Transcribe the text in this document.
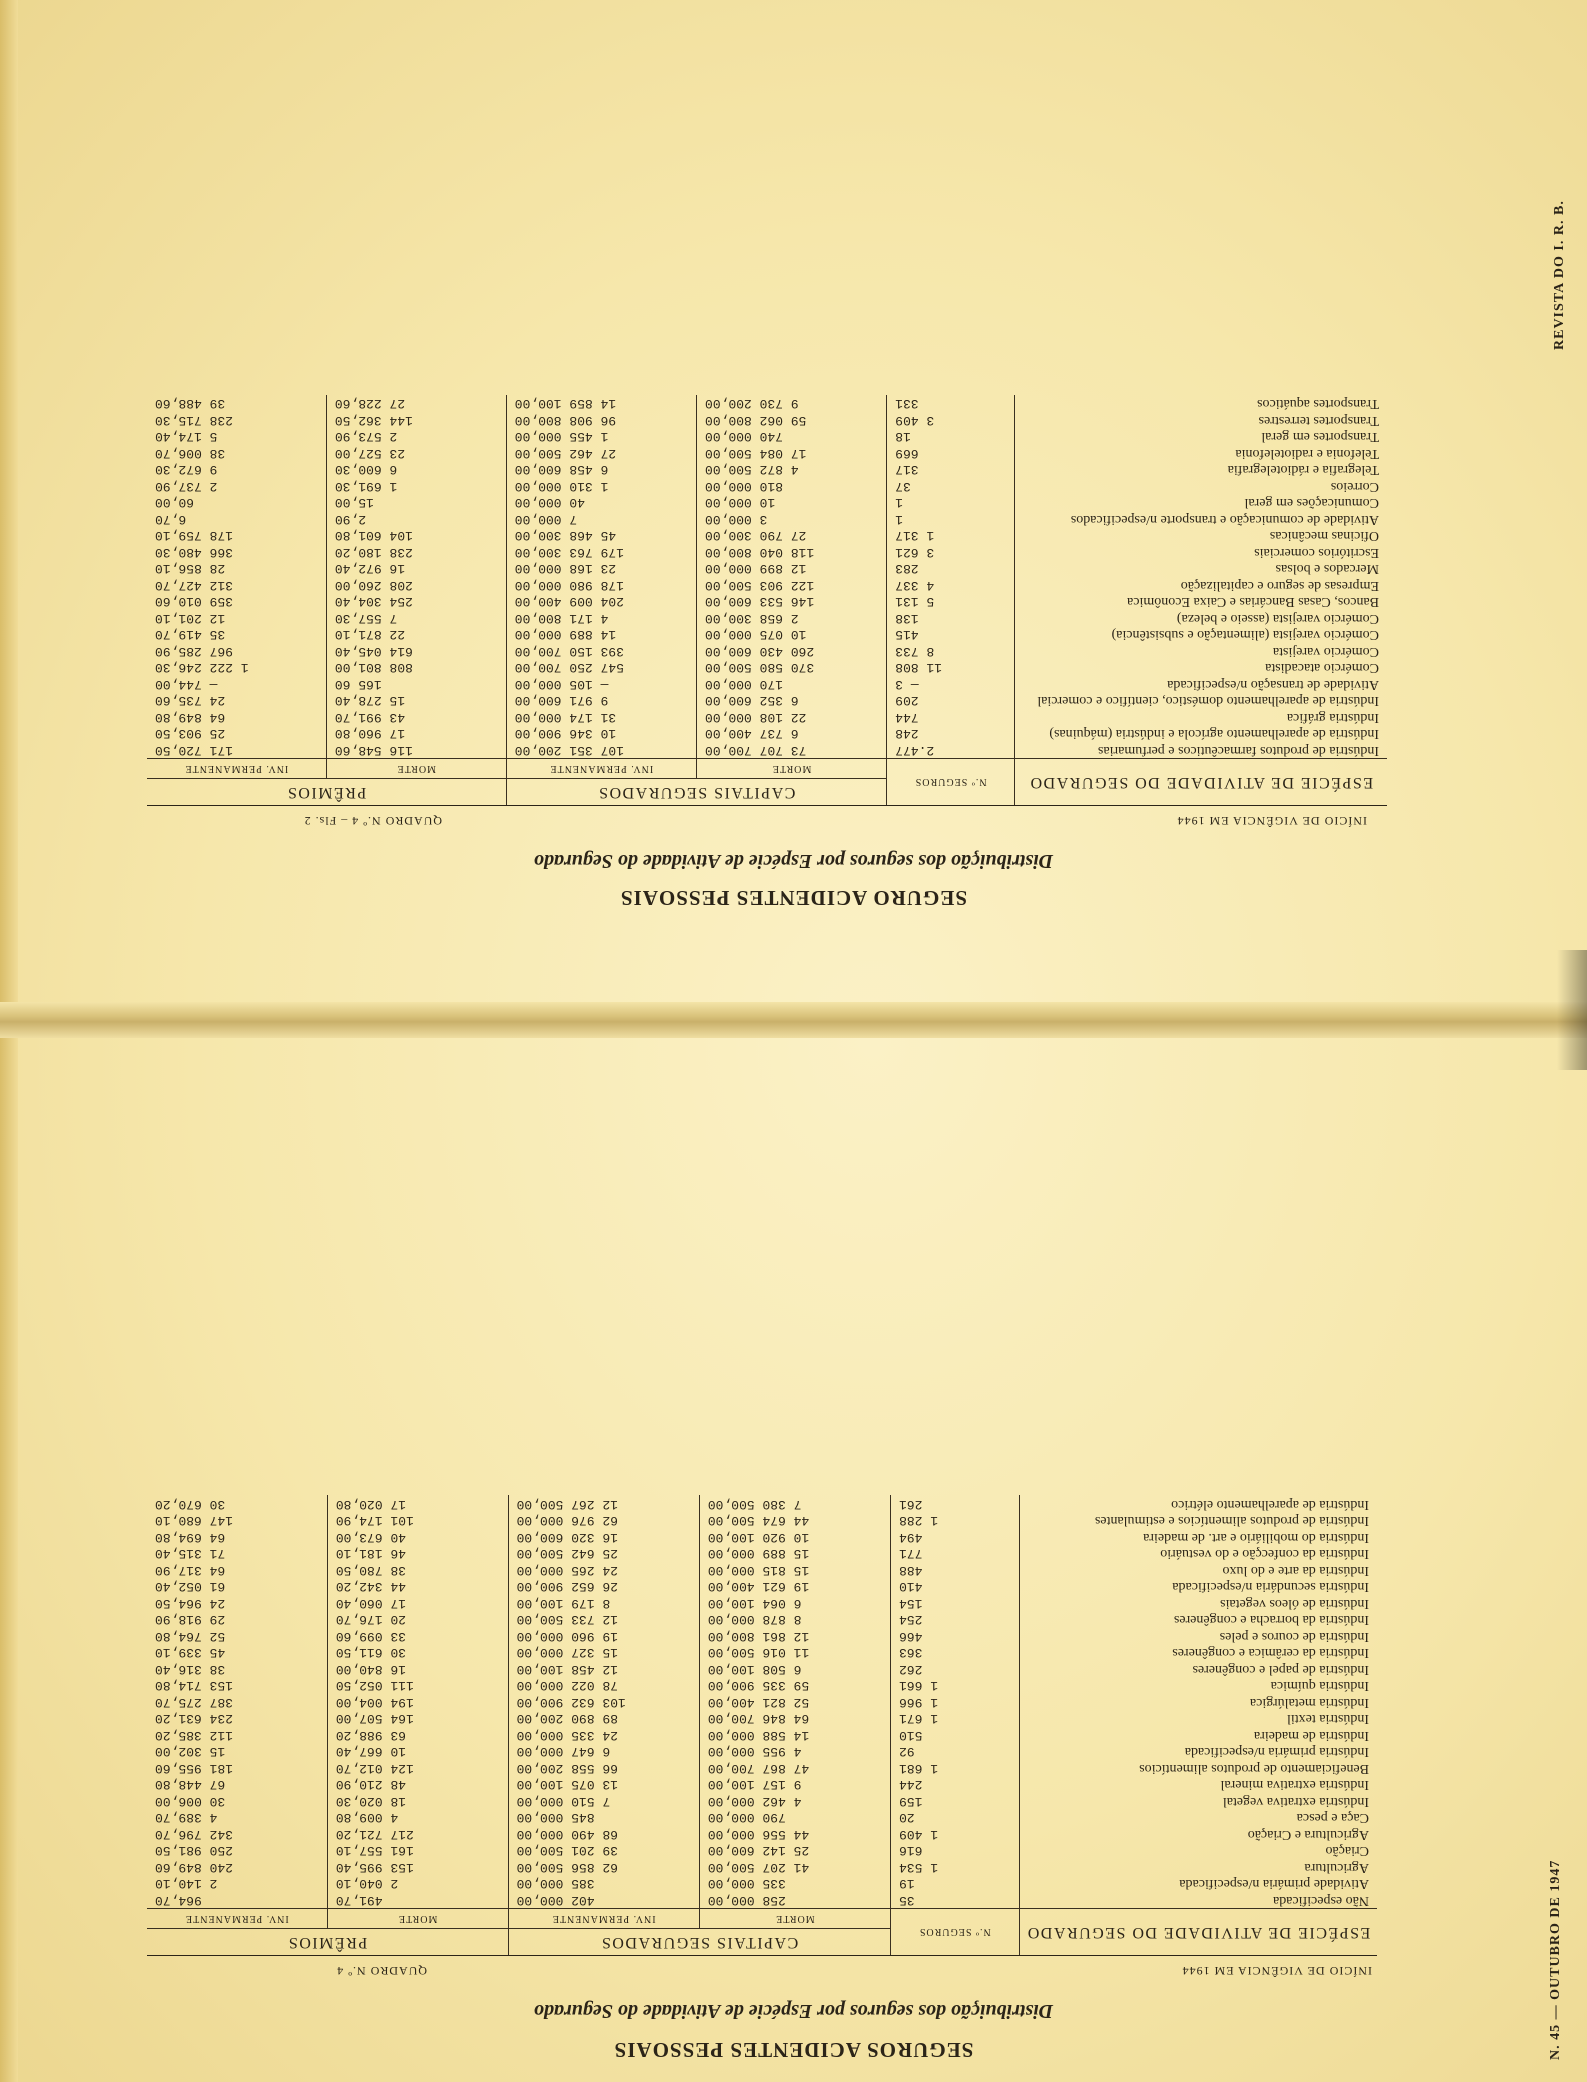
N. 45 — OUTUBRO DE 1947
REVISTA DO I. R. B.
SEGURO ACIDENTES PESSOAIS
Distribuição dos seguros por Espécie de Atividade do Segurado
QUADRO N.º 4 – Fls. 2	INÍCIO DE VIGÊNCIA EM 1944
ESPÉCIE DE ATIVIDADE DO SEGURADO	N.º SEGUROS	CAPITAIS SEGURADOS		PRÊMIOS	
		MORTE	INV. PERMANENTE	MORTE	INV. PERMANENTE
Indústria de produtos farmacêuticos e perfumarias	2.477	73 707 700,00	107 351 200,00	116 548,60	171 720,50
Indústria de aparelhamento agrícola e indústria (máquinas)	248	6 737 400,00	10 346 900,00	17 960,80	25 903,50
Indústria gráfica	744	22 108 000,00	31 174 000,00	43 991,70	64 849,80
Indústria de aparelhamento doméstico, científico e comercial	209	6 352 600,00	9 971 600,00	15 278,40	24 735,60
Atividade de transação n/especificada	— 3	170 000,00	— 105 000,00	165 60	— 744,00
Comércio atacadista	11 808	370 580 500,00	547 250 700,00	808 801,00	1 222 246,30
Comércio varejista	8 733	260 430 600,00	393 150 700,00	614 045,40	967 285,90
Comércio varejista (alimentação e subsistência)	415	10 075 000,00	14 889 000,00	22 871,10	35 419,70
Comércio varejista (asseio e beleza)	138	2 658 300,00	4 171 800,00	7 557,30	12 201,10
Bancos, Casas Bancárias e Caixa Econômica	5 131	146 533 600,00	204 009 400,00	254 304,40	359 010,60
Empresas de seguro e capitalização	4 337	122 903 500,00	178 980 000,00	208 260,00	312 427,70
Mercados e bolsas	283	12 899 000,00	23 168 000,00	16 972,40	28 856,10
Escritórios comerciais	3 621	118 040 800,00	179 763 300,00	238 180,20	366 480,30
Oficinas mecânicas	1 317	27 790 300,00	45 468 300,00	104 601,80	178 759,10
Atividade de comunicação e transporte n/especificados	1	3 000,00	7 000,00	2,90	6,70
Comunicações em geral	1	10 000,00	40 000,00	15,00	60,00
Correios	37	810 000,00	1 310 000,00	1 691,30	2 737,90
Telegrafia e rádiotelegrafia	317	4 872 500,00	6 458 600,00	6 600,30	9 672,30
Telefonia e radiotelefonia	669	17 084 500,00	27 462 500,00	23 527,00	38 006,70
Transportes em geral	18	740 000,00	1 455 000,00	2 573,90	5 174,40
Transportes terrestres	3 409	59 062 800,00	96 908 800,00	144 362,50	238 715,30
Transportes aquáticos	331	9 730 200,00	14 859 100,00	27 228,60	39 488,60
SEGUROS ACIDENTES PESSOAIS
Distribuição dos seguros por Espécie de Atividade do Segurado
QUADRO N.º 4	INÍCIO DE VIGÊNCIA EM 1944
ESPÉCIE DE ATIVIDADE DO SEGURADO	N.º SEGUROS	CAPITAIS SEGURADOS		PRÊMIOS	
		MORTE	INV. PERMANENTE	MORTE	INV. PERMANENTE
Não especificada	35	258 000,00	402 000,00	491,70	964,70
Atividade primária n/especificada	19	335 000,00	385 000,00	2 040,10	2 140,10
Agricultura	1 534	41 207 500,00	62 856 500,00	153 995,40	240 849,60
Criação	616	25 142 600,00	39 201 500,00	161 557,10	250 981,50
Agricultura e Criação	1 409	44 556 000,00	68 490 000,00	217 721,20	342 796,70
Caça e pesca	20	790 000,00	845 000,00	4 009,80	4 389,70
Indústria extrativa vegetal	159	4 462 000,00	7 510 000,00	18 020,30	30 006,00
Indústria extrativa mineral	244	9 157 100,00	13 075 100,00	48 210,90	67 448,80
Beneficiamento de produtos alimentícios	1 681	47 867 700,00	66 558 200,00	124 012,70	181 955,60
Indústria primária n/especificada	92	4 955 000,00	6 647 000,00	10 667,40	15 302,00
Indústria de madeira	510	14 588 000,00	24 335 000,00	63 988,20	112 385,20
Indústria textil	1 671	64 846 700,00	89 890 200,00	164 507,00	234 631,20
Indústria metalúrgica	1 966	52 821 400,00	103 632 900,00	194 004,00	387 275,70
Indústria química	1 661	59 335 900,00	78 022 000,00	111 052,50	153 714,80
Indústria de papel e congêneres	262	6 508 100,00	12 458 100,00	16 840,00	38 316,40
Indústria da cerâmica e congêneres	363	11 016 500,00	15 327 000,00	30 611,50	45 339,10
Indústria de couros e peles	466	12 861 800,00	19 960 000,00	33 099,60	52 764,80
Indústria da borracha e congêneres	254	8 878 000,00	12 733 500,00	20 176,70	29 918,90
Indústria de óleos vegetais	154	6 064 100,00	8 179 100,00	17 060,40	24 964,50
Indústria secundária n/especificada	410	19 621 400,00	26 652 900,00	44 342,20	61 052,40
Indústria da arte e do luxo	488	15 815 000,00	24 265 000,00	38 780,50	64 317,90
Indústria da confecção e do vestuário	771	15 889 000,00	25 642 500,00	46 181,10	71 315,40
Indústria do mobiliário e art. de madeira	494	10 920 100,00	16 320 600,00	40 673,00	64 694,80
Indústria de produtos alimentícios e estimulantes	1 288	44 674 500,00	62 976 000,00	101 174,90	147 680,10
Indústria de aparelhamento elétrico	261	7 380 500,00	12 267 500,00	17 020,80	30 670,20
